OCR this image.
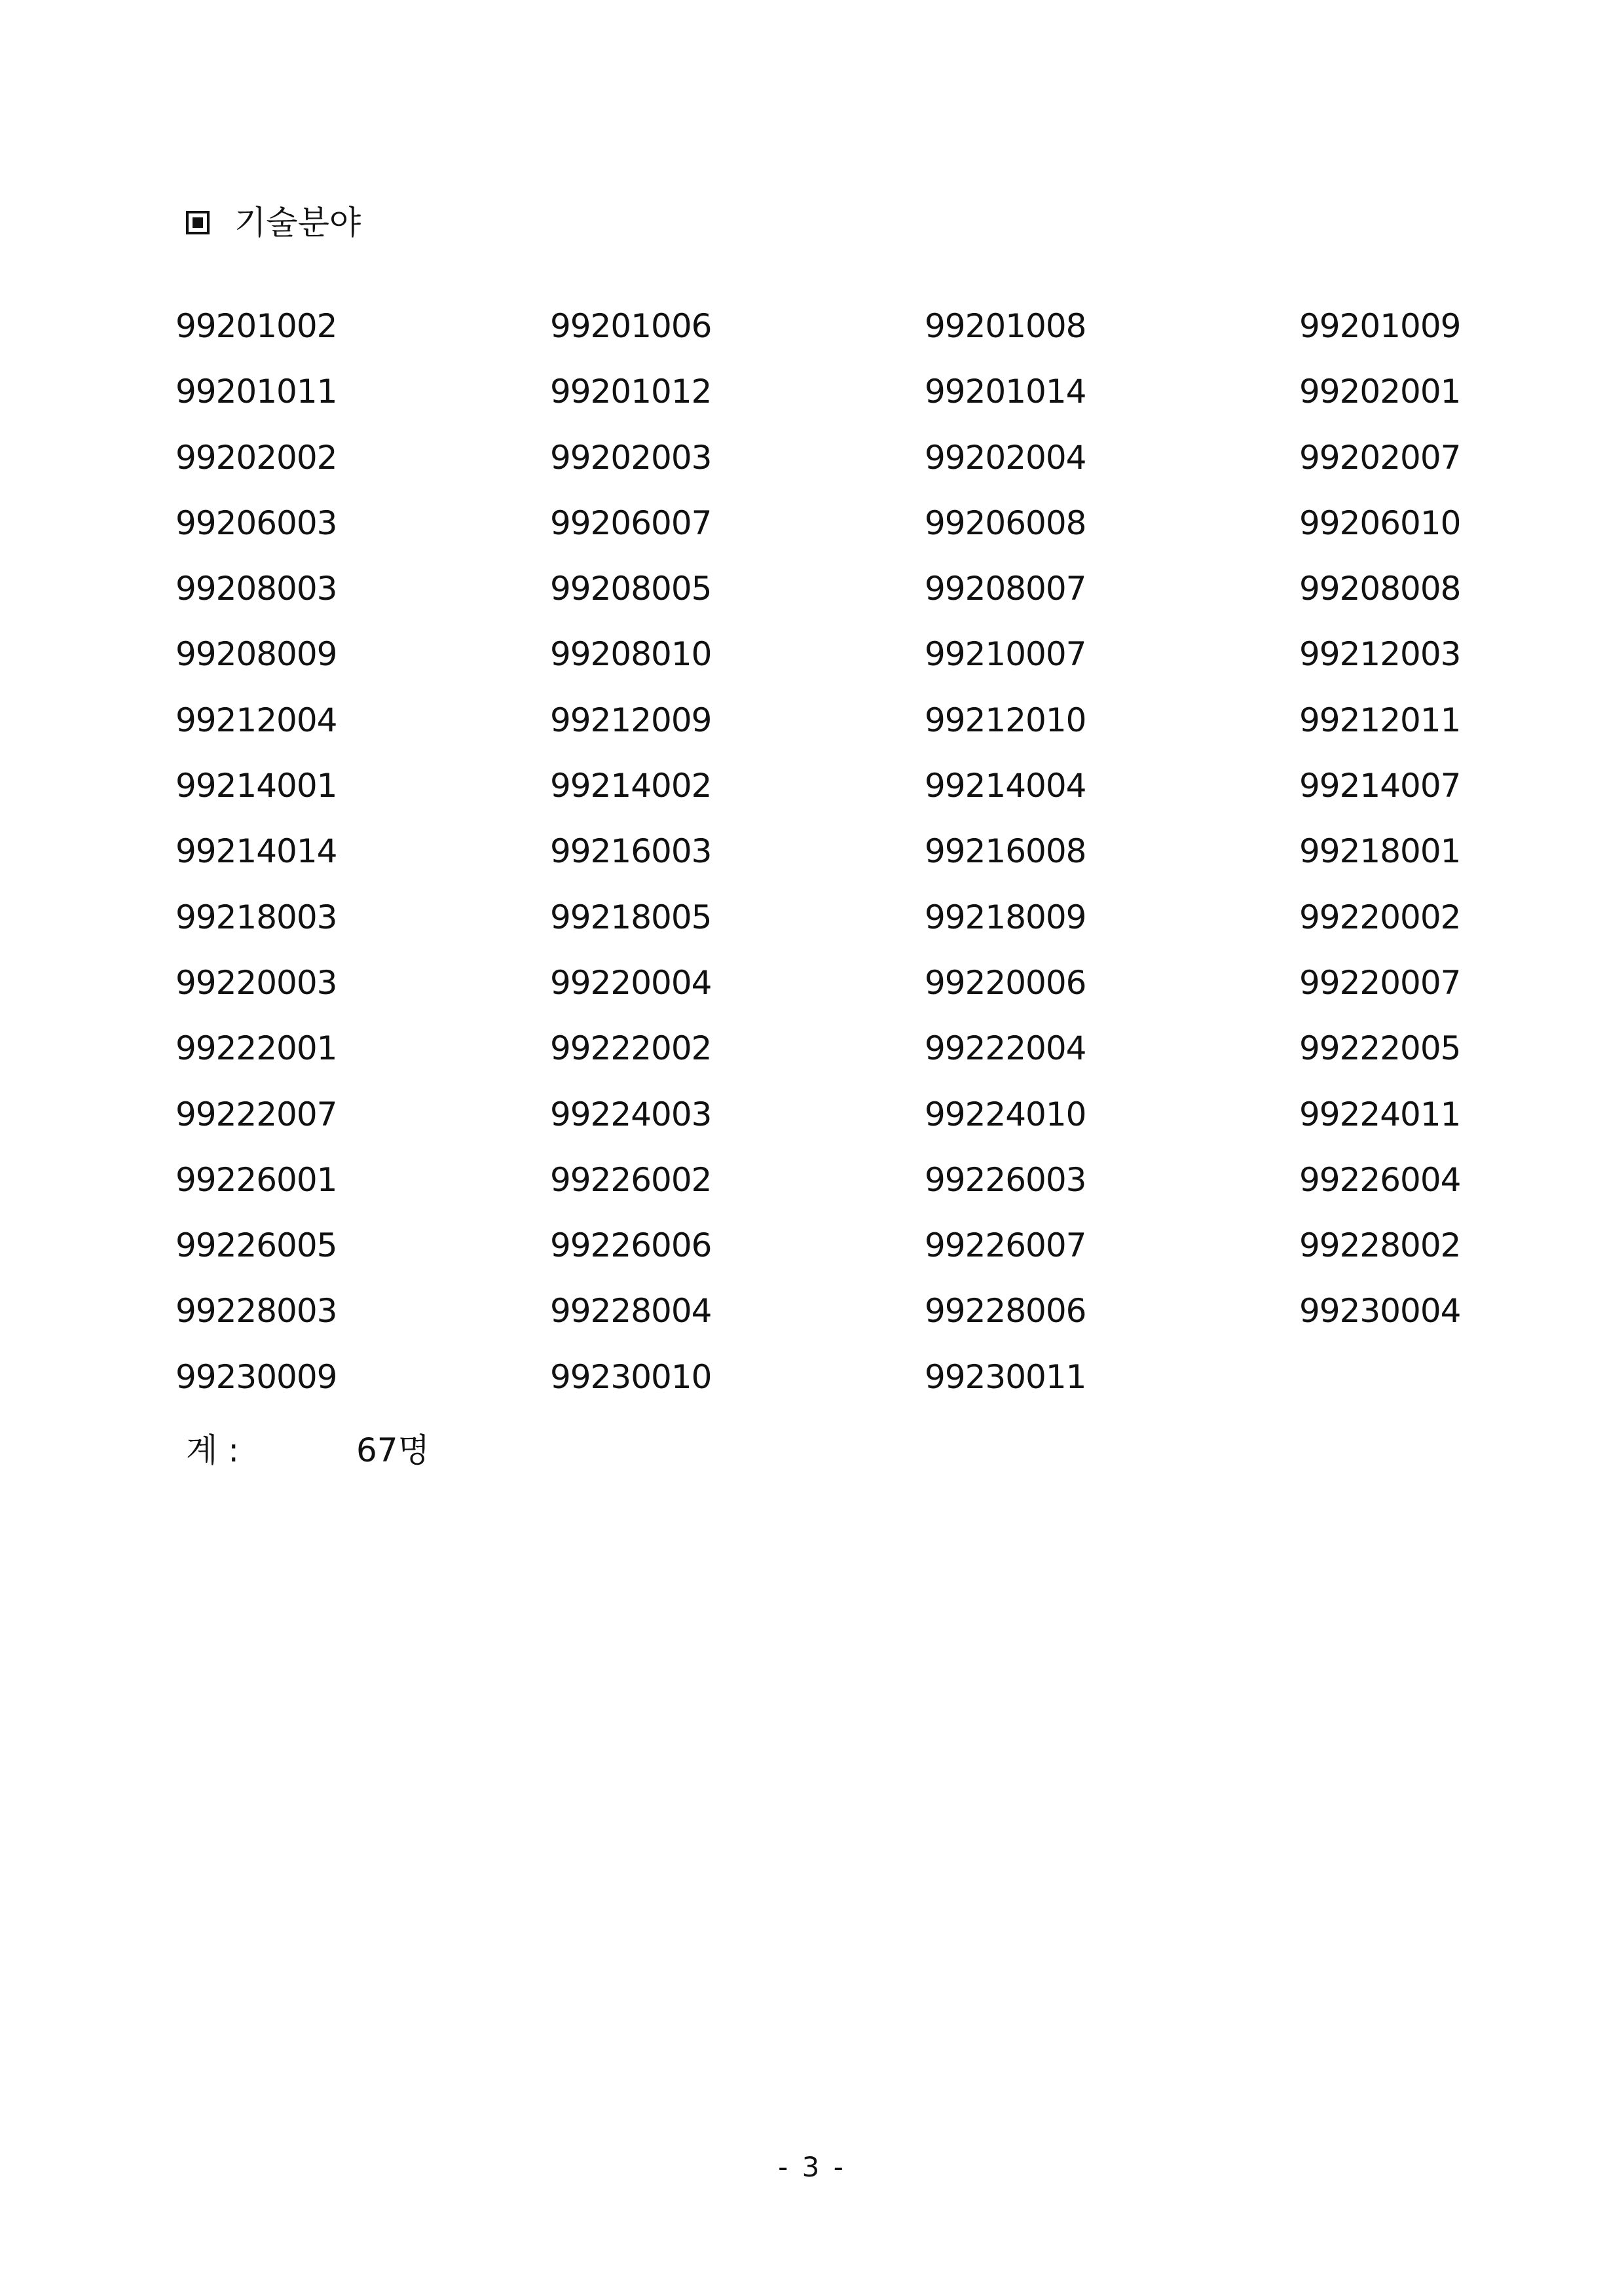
기술분야
99201002	99201006	99201008	99201009
99201011	99201012	99201014	99202001
99202002	99202003	99202004	99202007
99206003	99206007	99206008	99206010
99208003	99208005	99208007	99208008
99208009	99208010	99210007	99212003
99212004	99212009	99212010	99212011
99214001	99214002	99214004	99214007
99214014	99216003	99216008	99218001
99218003	99218005	99218009	99220002
99220003	99220004	99220006	99220007
99222001	99222002	99222004	99222005
99222007	99224003	99224010	99224011
99226001	99226002	99226003	99226004
99226005	99226006	99226007	99228002
99228003	99228004	99228006	99230004
99230009	99230010	99230011
계 :	67명
- 3 -
